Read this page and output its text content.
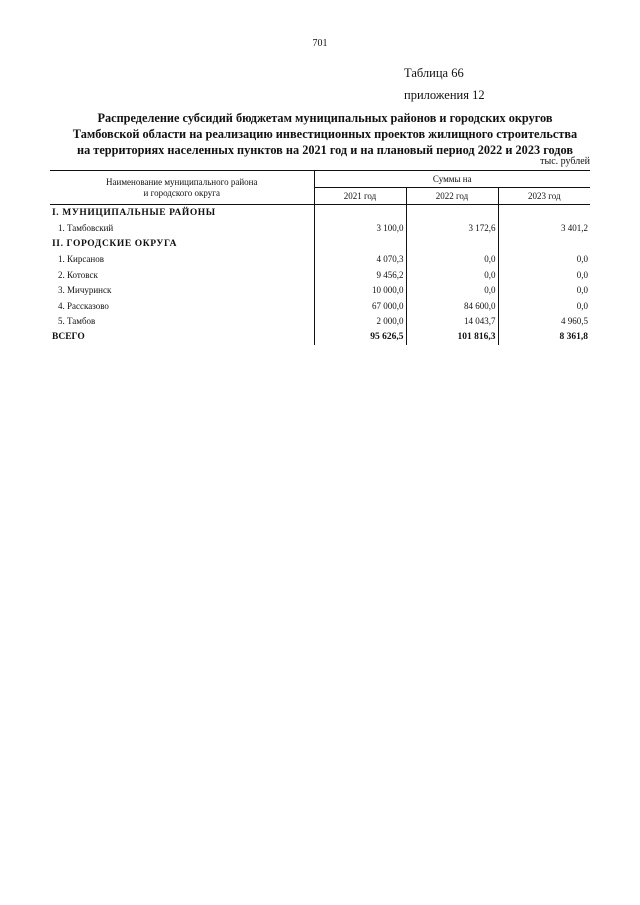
701
Таблица 66
приложения 12
Распределение субсидий бюджетам муниципальных районов и городских округов
Тамбовской области на реализацию инвестиционных проектов жилищного строительства
на территориях населенных пунктов на 2021 год и на плановый период 2022 и 2023 годов
тыс. рублей
Наименование муниципального района
и городского округа	Суммы на		
	2021 год	2022 год	2023 год
I. МУНИЦИПАЛЬНЫЕ РАЙОНЫ			
1. Тамбовский	3 100,0	3 172,6	3 401,2
II. ГОРОДСКИЕ ОКРУГА			
1. Кирсанов	4 070,3	0,0	0,0
2. Котовск	9 456,2	0,0	0,0
3. Мичуринск	10 000,0	0,0	0,0
4. Рассказово	67 000,0	84 600,0	0,0
5. Тамбов	2 000,0	14 043,7	4 960,5
ВСЕГО	95 626,5	101 816,3	8 361,8
